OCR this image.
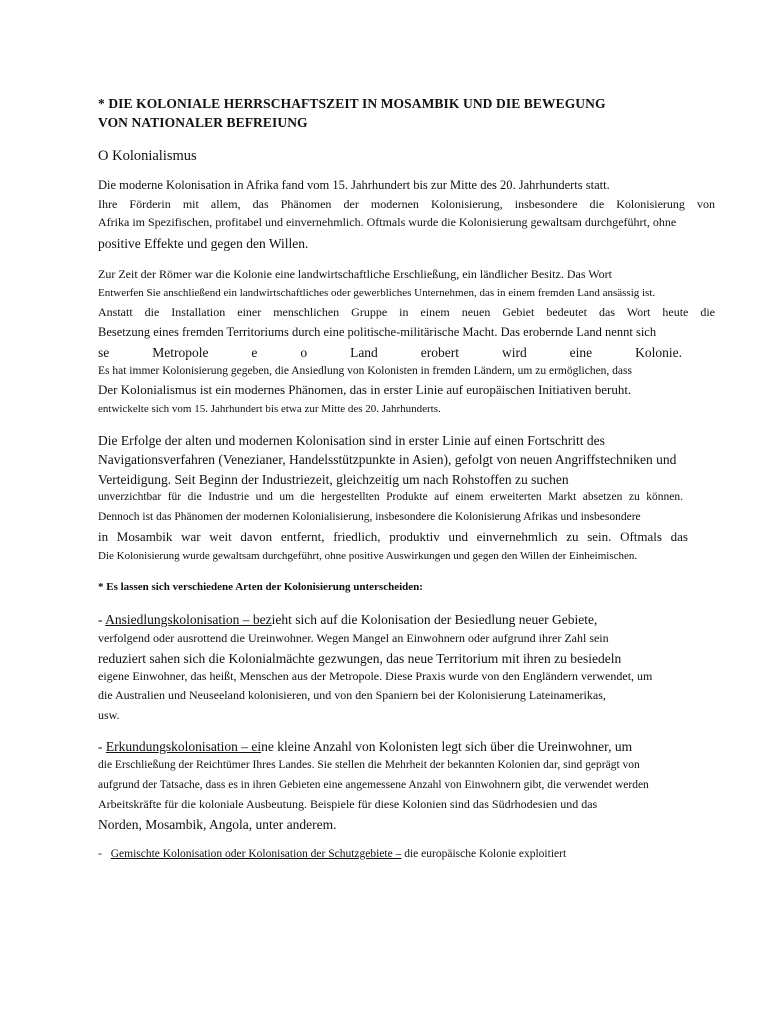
* DIE KOLONIALE HERRSCHAFTSZEIT IN MOSAMBIK UND DIE BEWEGUNG

VON NATIONALER BEFREIUNG

O Kolonialismus

Die moderne Kolonisation in Afrika fand vom 15. Jahrhundert bis zur Mitte des 20. Jahrhunderts statt.

Ihre Förderin mit allem, das Phänomen der modernen Kolonisierung, insbesondere die Kolonisierung von

Afrika im Spezifischen, profitabel und einvernehmlich. Oftmals wurde die Kolonisierung gewaltsam durchgeführt, ohne

positive Effekte und gegen den Willen.

Zur Zeit der Römer war die Kolonie eine landwirtschaftliche Erschließung, ein ländlicher Besitz. Das Wort

Entwerfen Sie anschließend ein landwirtschaftliches oder gewerbliches Unternehmen, das in einem fremden Land ansässig ist.

Anstatt die Installation einer menschlichen Gruppe in einem neuen Gebiet bedeutet das Wort heute die

Besetzung eines fremden Territoriums durch eine politische-militärische Macht. Das erobernde Land nennt sich

se Metropole e o Land erobert wird eine Kolonie.

Es hat immer Kolonisierung gegeben, die Ansiedlung von Kolonisten in fremden Ländern, um zu ermöglichen, dass

Der Kolonialismus ist ein modernes Phänomen, das in erster Linie auf europäischen Initiativen beruht.

entwickelte sich vom 15. Jahrhundert bis etwa zur Mitte des 20. Jahrhunderts.

Die Erfolge der alten und modernen Kolonisation sind in erster Linie auf einen Fortschritt des

Navigationsverfahren (Venezianer, Handelsstützpunkte in Asien), gefolgt von neuen Angriffstechniken und

Verteidigung. Seit Beginn der Industriezeit, gleichzeitig um nach Rohstoffen zu suchen

unverzichtbar für die Industrie und um die hergestellten Produkte auf einem erweiterten Markt absetzen zu können.

Dennoch ist das Phänomen der modernen Kolonialisierung, insbesondere die Kolonisierung Afrikas und insbesondere

in Mosambik war weit davon entfernt, friedlich, produktiv und einvernehmlich zu sein. Oftmals das

Die Kolonisierung wurde gewaltsam durchgeführt, ohne positive Auswirkungen und gegen den Willen der Einheimischen.

* Es lassen sich verschiedene Arten der Kolonisierung unterscheiden:

- Ansiedlungskolonisation – bezieht sich auf die Kolonisation der Besiedlung neuer Gebiete,

verfolgend oder ausrottend die Ureinwohner. Wegen Mangel an Einwohnern oder aufgrund ihrer Zahl sein

reduziert sahen sich die Kolonialmächte gezwungen, das neue Territorium mit ihren zu besiedeln

eigene Einwohner, das heißt, Menschen aus der Metropole. Diese Praxis wurde von den Engländern verwendet, um

die Australien und Neuseeland kolonisieren, und von den Spaniern bei der Kolonisierung Lateinamerikas,

usw.

- Erkundungskolonisation – eine kleine Anzahl von Kolonisten legt sich über die Ureinwohner, um

die Erschließung der Reichtümer Ihres Landes. Sie stellen die Mehrheit der bekannten Kolonien dar, sind geprägt von

aufgrund der Tatsache, dass es in ihren Gebieten eine angemessene Anzahl von Einwohnern gibt, die verwendet werden

Arbeitskräfte für die koloniale Ausbeutung. Beispiele für diese Kolonien sind das Südrhodesien und das

Norden, Mosambik, Angola, unter anderem.

- Gemischte Kolonisation oder Kolonisation der Schutzgebiete – die europäische Kolonie exploitiert
